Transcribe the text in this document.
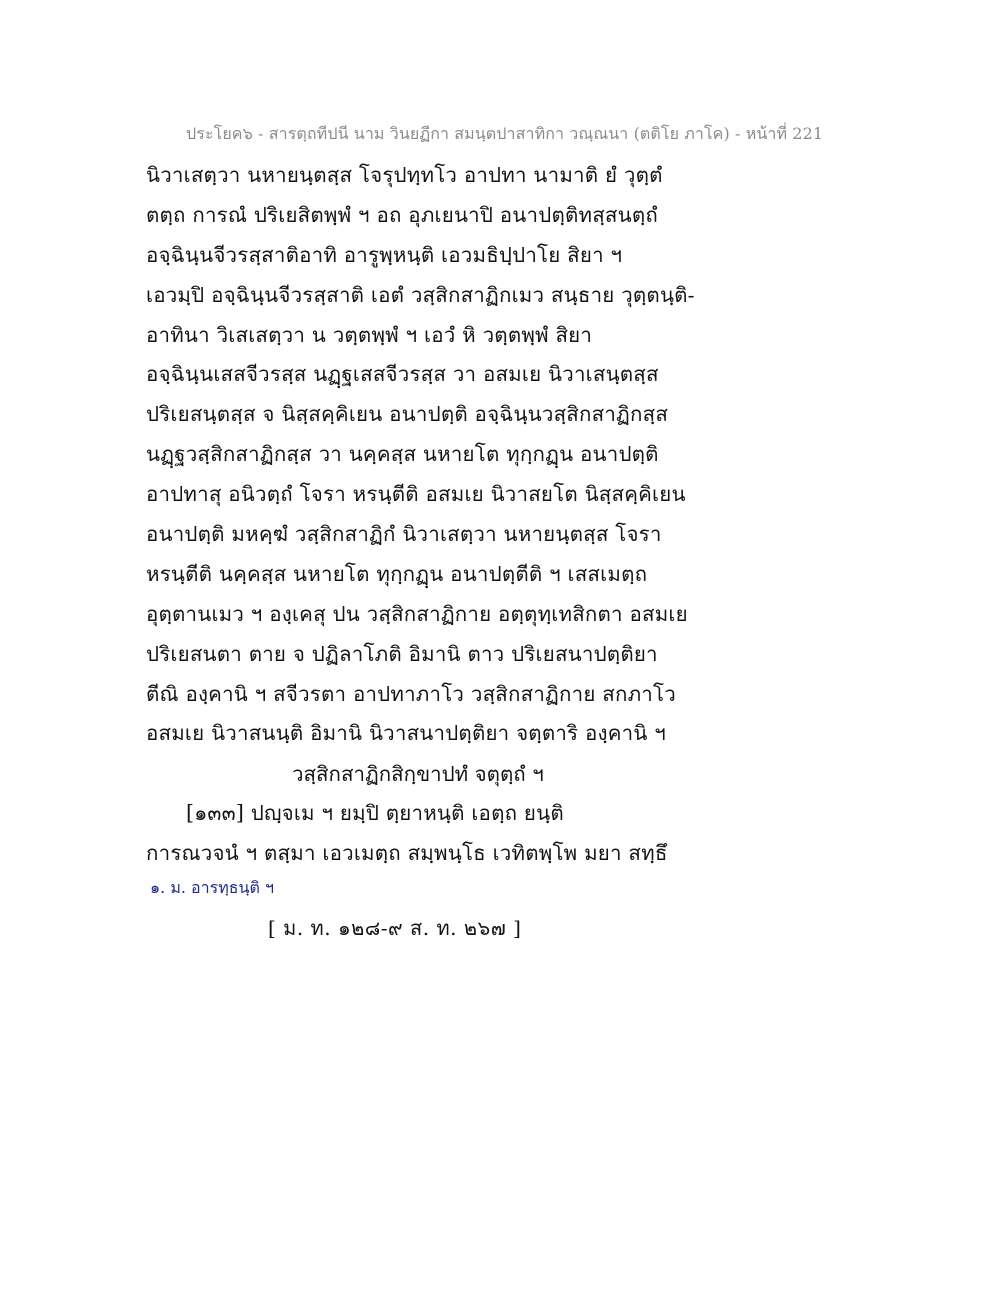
ประโยค๖ - สารตฺถทีปนี นาม วินยฏีกา สมนฺตปาสาทิกา วณฺณนา (ตติโย ภาโค) - หน้าที่ 221
นิวาเสตฺวา นหายนฺตสฺส โจรุปทฺทโว อาปทา นามาติ ยํ วุตฺตํ
ตตฺถ การณํ ปริเยสิตพฺพํ ฯ อถ อุภเยนาปิ อนาปตฺติทสฺสนตฺถํ
อจฺฉินฺนจีวรสฺสาติอาทิ อารูพฺหนฺติ เอวมธิปฺปาโย สิยา ฯ
เอวมฺปิ อจฺฉินฺนจีวรสฺสาติ เอตํ วสฺสิกสาฏิกเมว สนฺธาย วุตฺตนฺติ-
อาทินา วิเสเสตฺวา น วตฺตพฺพํ ฯ เอวํ หิ วตฺตพฺพํ สิยา
อจฺฉินฺนเสสจีวรสฺส นฏฺฐเสสจีวรสฺส วา อสมเย นิวาเสนฺตสฺส
ปริเยสนฺตสฺส จ นิสฺสคฺคิเยน อนาปตฺติ อจฺฉินฺนวสฺสิกสาฏิกสฺส
นฏฺฐวสฺสิกสาฏิกสฺส วา นคฺคสฺส นหายโต ทุกฺกฏฺน อนาปตฺติ
อาปทาสุ อนิวตฺถํ โจรา หรนฺตีติ อสมเย นิวาสยโต นิสฺสคฺคิเยน
อนาปตฺติ มหคฺฆํ วสฺสิกสาฏิกํ นิวาเสตฺวา นหายนฺตสฺส โจรา
หรนฺตีติ นคฺคสฺส นหายโต ทุกฺกฏฺน อนาปตฺตีติ ฯ เสสเมตฺถ
อุตฺตานเมว ฯ องฺเคสุ ปน วสฺสิกสาฏิกาย อตฺตุทฺเทสิกตา อสมเย
ปริเยสนตา ตาย จ ปฏิลาโภติ อิมานิ ตาว ปริเยสนาปตฺติยา
ตีณิ องฺคานิ ฯ สจีวรตา อาปทาภาโว วสฺสิกสาฏิกาย สกภาโว
อสมเย นิวาสนนฺติ อิมานิ นิวาสนาปตฺติยา จตฺตาริ องฺคานิ ฯ
วสฺสิกสาฏิกสิกฺขาปทํ จตุตฺถํ ฯ
[๑๓๓] ปญฺจเม ฯ ยมฺปิ ตฺยาหนฺติ เอตฺถ ยนฺติ
การณวจนํ ฯ ตสฺมา เอวเมตฺถ สมฺพนฺโธ เวทิตพฺโพ มยา สทฺธึ
๑. ม. อารทฺธนฺติ ฯ
[ ม. ท. ๑๒๘-๙ ส. ท. ๒๖๗ ]
